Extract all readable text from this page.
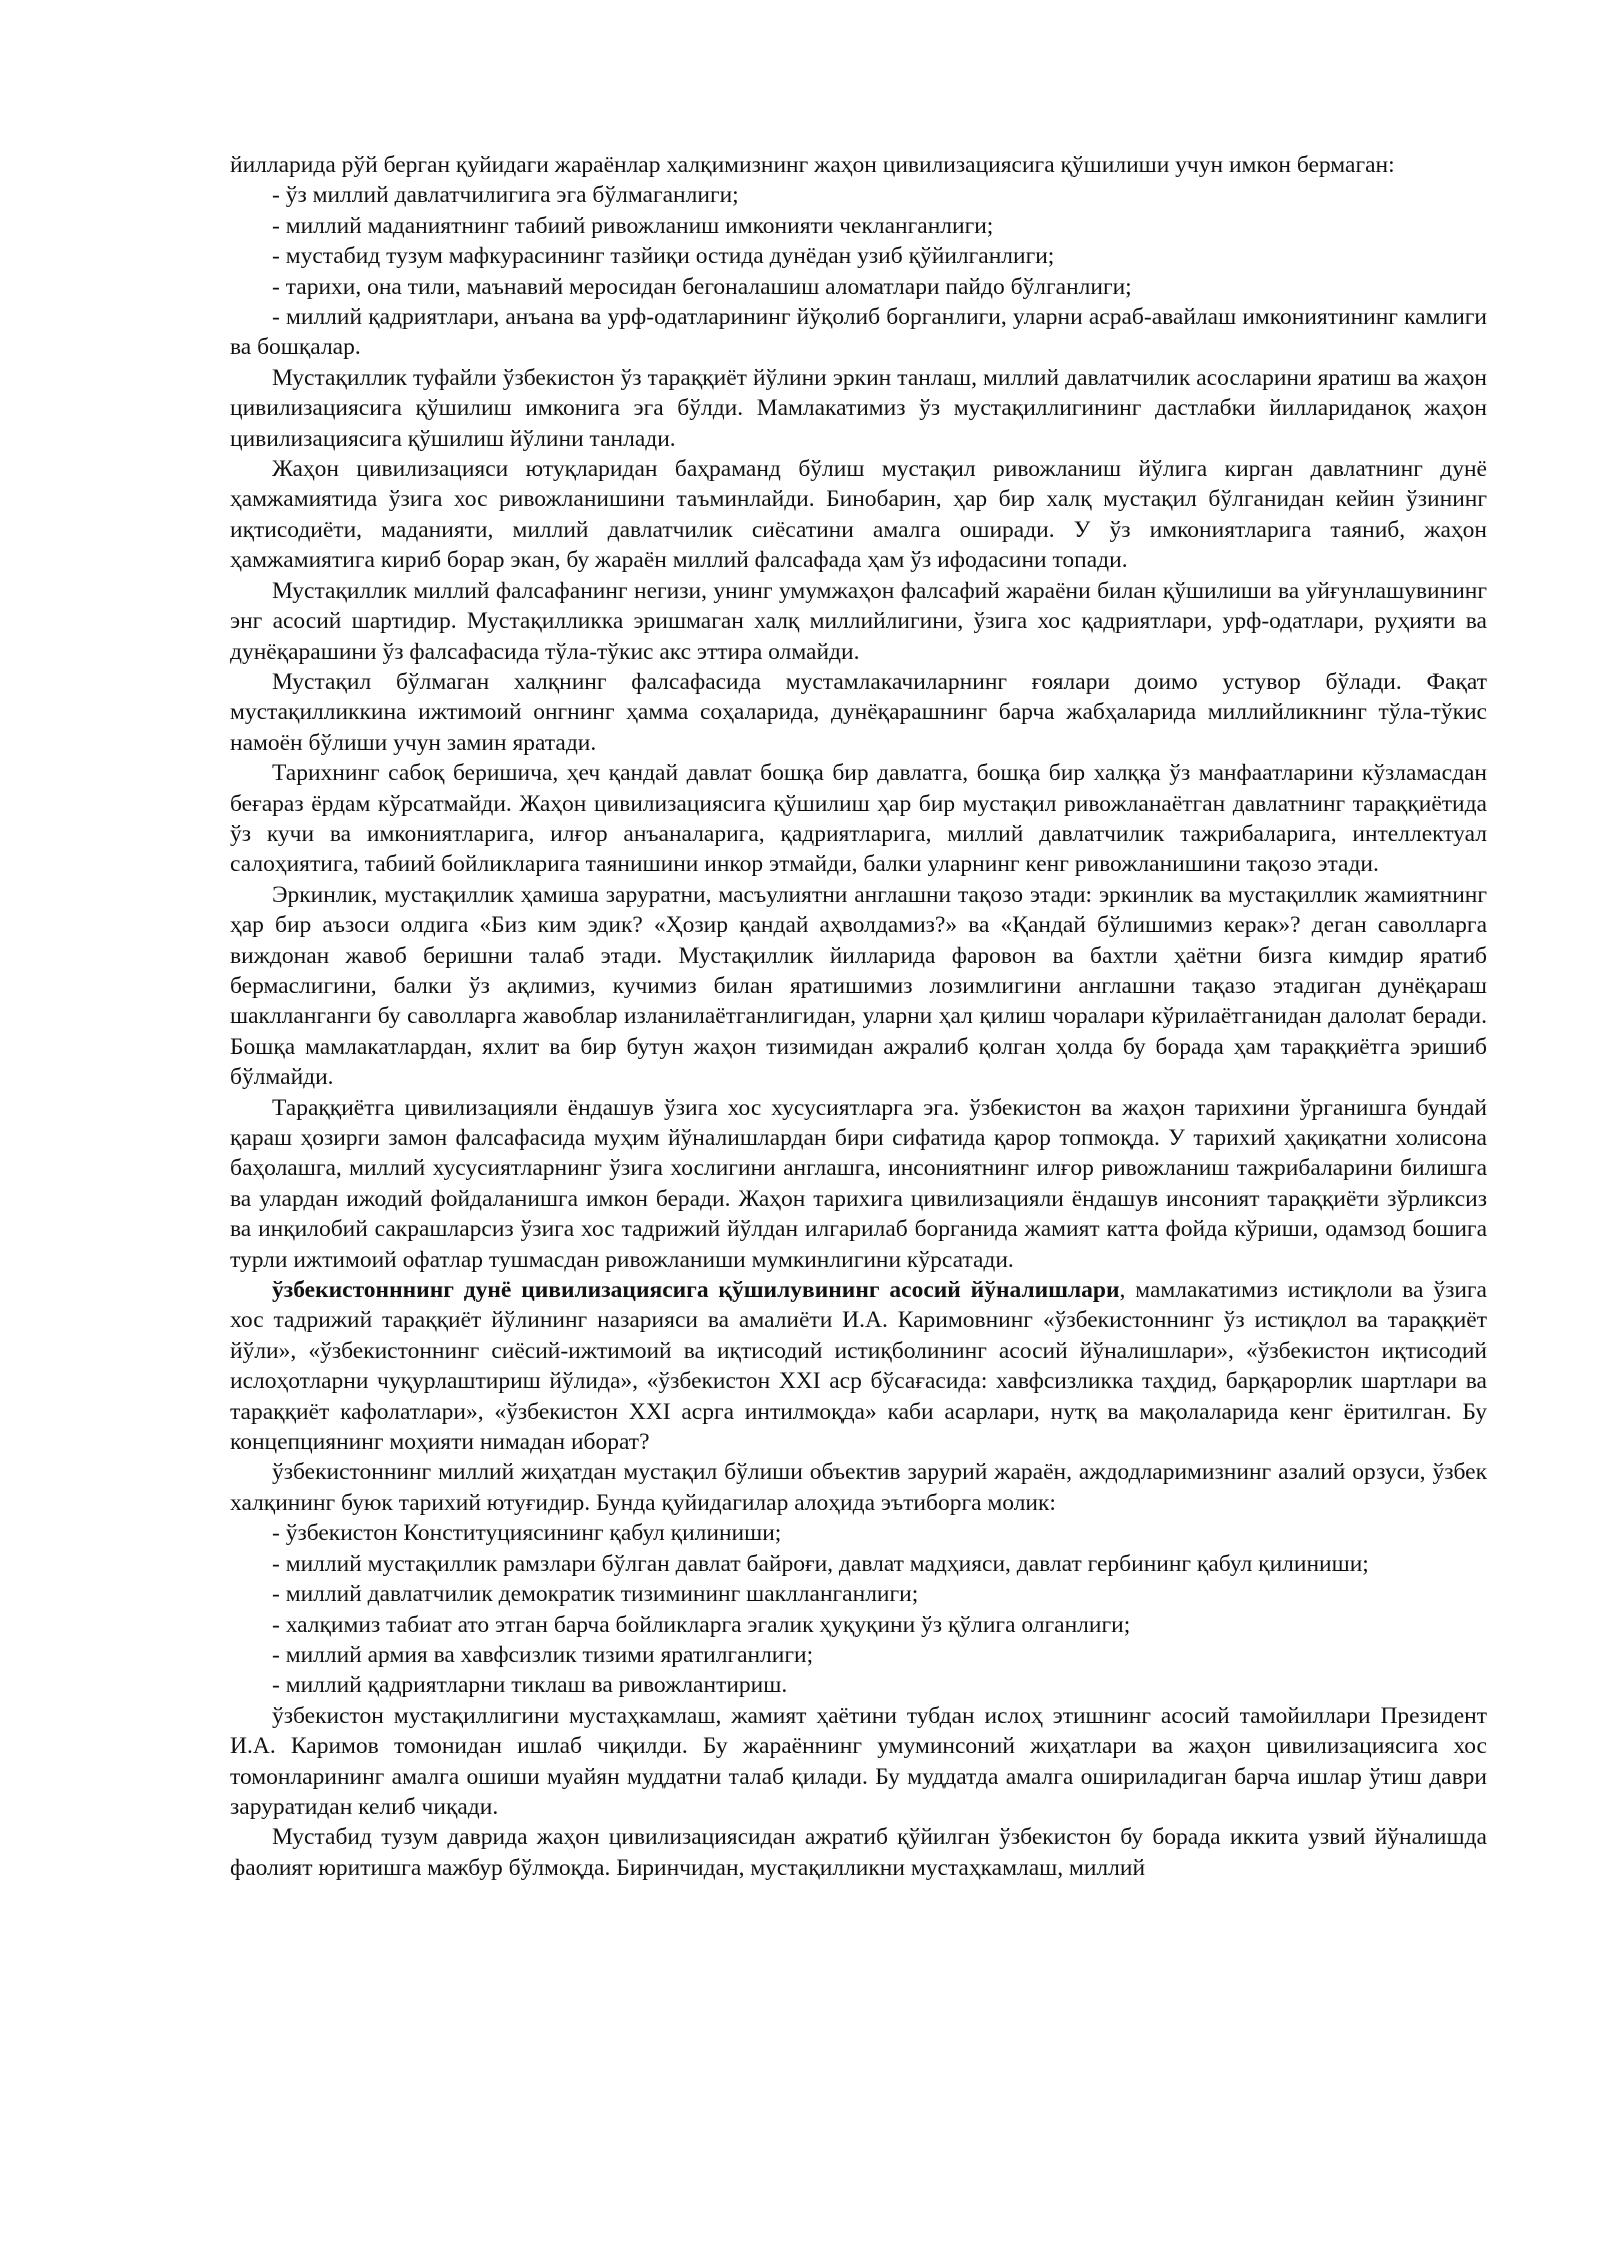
йилларида рўй берган қуйидаги жараёнлар халқимизнинг жаҳон цивилизациясига қўшилиши учун имкон бермаган:

- ўз миллий давлатчилигига эга бўлмаганлиги;

- миллий маданиятнинг табиий ривожланиш имконияти чекланганлиги;

- мустабид тузум мафкурасининг тазйиқи остида дунёдан узиб қўйилганлиги;

- тарихи, она тили, маънавий меросидан бегоналашиш аломатлари пайдо бўлганлиги;

- миллий қадриятлари, анъана ва урф-одатларининг йўқолиб борганлиги, уларни асраб-авайлаш имкониятининг камлиги ва бошқалар.

Мустақиллик туфайли ўзбекистон ўз тараққиёт йўлини эркин танлаш, миллий давлатчилик асосларини яратиш ва жаҳон цивилизациясига қўшилиш имконига эга бўлди. Мамлакатимиз ўз мустақиллигининг дастлабки йиллариданоқ жаҳон цивилизациясига қўшилиш йўлини танлади.

Жаҳон цивилизацияси ютуқларидан баҳраманд бўлиш мустақил ривожланиш йўлига кирган давлатнинг дунё ҳамжамиятида ўзига хос ривожланишини таъминлайди. Бинобарин, ҳар бир халқ мустақил бўлганидан кейин ўзининг иқтисодиёти, маданияти, миллий давлатчилик сиёсатини амалга оширади. У ўз имкониятларига таяниб, жаҳон ҳамжамиятига кириб борар экан, бу жараён миллий фалсафада ҳам ўз ифодасини топади.

Мустақиллик миллий фалсафанинг негизи, унинг умумжаҳон фалсафий жараёни билан қўшилиши ва уйғунлашувининг энг асосий шартидир. Мустақилликка эришмаган халқ миллийлигини, ўзига хос қадриятлари, урф-одатлари, руҳияти ва дунёқарашини ўз фалсафасида тўла-тўкис акс эттира олмайди.

Мустақил бўлмаган халқнинг фалсафасида мустамлакачиларнинг ғоялари доимо устувор бўлади. Фақат мустақилликкина ижтимоий онгнинг ҳамма соҳаларида, дунёқарашнинг барча жабҳаларида миллийликнинг тўла-тўкис намоён бўлиши учун замин яратади.

Тарихнинг сабоқ беришича, ҳеч қандай давлат бошқа бир давлатга, бошқа бир халққа ўз манфаатларини кўзламасдан беғараз ёрдам кўрсатмайди. Жаҳон цивилизациясига қўшилиш ҳар бир мустақил ривожланаётган давлатнинг тараққиётида ўз кучи ва имкониятларига, илғор анъаналарига, қадриятларига, миллий давлатчилик тажрибаларига, интеллектуал салоҳиятига, табиий бойликларига таянишини инкор этмайди, балки уларнинг кенг ривожланишини тақозо этади.

Эркинлик, мустақиллик ҳамиша заруратни, масъулиятни англашни тақозо этади: эркинлик ва мустақиллик жамиятнинг ҳар бир аъзоси олдига «Биз ким эдик? «Ҳозир қандай аҳволдамиз?» ва «Қандай бўлишимиз керак»? деган саволларга виждонан жавоб беришни талаб этади. Мустақиллик йилларида фаровон ва бахтли ҳаётни бизга кимдир яратиб бермаслигини, балки ўз ақлимиз, кучимиз билан яратишимиз лозимлигини англашни тақазо этадиган дунёқараш шаклланганги бу саволларга жавоблар изланилаётганлигидан, уларни ҳал қилиш чоралари кўрилаётганидан далолат беради. Бошқа мамлакатлардан, яхлит ва бир бутун жаҳон тизимидан ажралиб қолган ҳолда бу борада ҳам тараққиётга эришиб бўлмайди.

Тараққиётга цивилизацияли ёндашув ўзига хос хусусиятларга эга. ўзбекистон ва жаҳон тарихини ўрганишга бундай қараш ҳозирги замон фалсафасида муҳим йўналишлардан бири сифатида қарор топмоқда. У тарихий ҳақиқатни холисона баҳолашга, миллий хусусиятларнинг ўзига хослигини англашга, инсониятнинг илғор ривожланиш тажрибаларини билишга ва улардан ижодий фойдаланишга имкон беради. Жаҳон тарихига цивилизацияли ёндашув инсоният тараққиёти зўрликсиз ва инқилобий сакрашларсиз ўзига хос тадрижий йўлдан илгарилаб борганида жамият катта фойда кўриши, одамзод бошига турли ижтимоий офатлар тушмасдан ривожланиши мумкинлигини кўрсатади.

ўзбекистонннинг дунё цивилизациясига қўшилувининг асосий йўналишлари, мамлакатимиз истиқлоли ва ўзига хос тадрижий тараққиёт йўлининг назарияси ва амалиёти И.А. Каримовнинг «ўзбекистоннинг ўз истиқлол ва тараққиёт йўли», «ўзбекистоннинг сиёсий-ижтимоий ва иқтисодий истиқболининг асосий йўналишлари», «ўзбекистон иқтисодий ислоҳотларни чуқурлаштириш йўлида», «ўзбекистон XXI аср бўсағасида: хавфсизликка таҳдид, барқарорлик шартлари ва тараққиёт кафолатлари», «ўзбекистон XXI асрга интилмоқда» каби асарлари, нутқ ва мақолаларида кенг ёритилган. Бу концепциянинг моҳияти нимадан иборат?

ўзбекистоннинг миллий жиҳатдан мустақил бўлиши объектив зарурий жараён, аждодларимизнинг азалий орзуси, ўзбек халқининг буюк тарихий ютуғидир. Бунда қуйидагилар алоҳида эътиборга молик:

- ўзбекистон Конституциясининг қабул қилиниши;

- миллий мустақиллик рамзлари бўлган давлат байроғи, давлат мадҳияси, давлат гербининг қабул қилиниши;

- миллий давлатчилик демократик тизимининг шаклланганлиги;

- халқимиз табиат ато этган барча бойликларга эгалик ҳуқуқини ўз қўлига олганлиги;

- миллий армия ва хавфсизлик тизими яратилганлиги;

- миллий қадриятларни тиклаш ва ривожлантириш.

ўзбекистон мустақиллигини мустаҳкамлаш, жамият ҳаётини тубдан ислоҳ этишнинг асосий тамойиллари Президент И.А. Каримов томонидан ишлаб чиқилди. Бу жараённинг умуминсоний жиҳатлари ва жаҳон цивилизациясига хос томонларининг амалга ошиши муайян муддатни талаб қилади. Бу муддатда амалга ошириладиган барча ишлар ўтиш даври заруратидан келиб чиқади.

Мустабид тузум даврида жаҳон цивилизациясидан ажратиб қўйилган ўзбекистон бу борада иккита узвий йўналишда фаолият юритишга мажбур бўлмоқда. Биринчидан, мустақилликни мустаҳкамлаш, миллий
